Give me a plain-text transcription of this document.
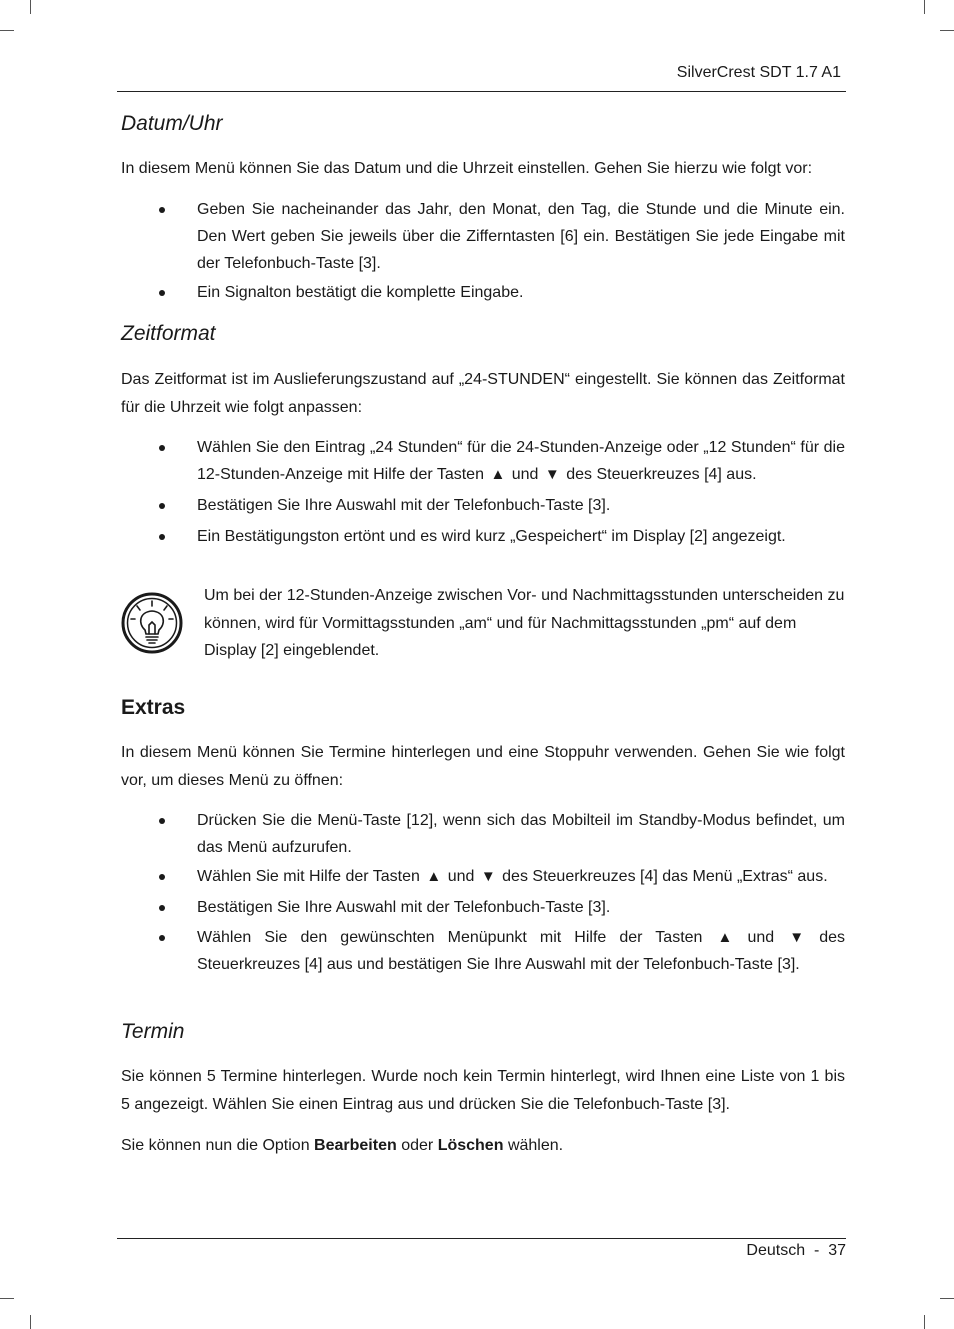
SilverCrest SDT 1.7 A1
Datum/Uhr
In diesem Menü können Sie das Datum und die Uhrzeit einstellen. Gehen Sie hierzu wie folgt vor:
Geben Sie nacheinander das Jahr, den Monat, den Tag, die Stunde und die Minute ein. Den Wert geben Sie jeweils über die Zifferntasten [6] ein. Bestätigen Sie jede Eingabe mit der Telefonbuch-Taste [3].
Ein Signalton bestätigt die komplette Eingabe.
Zeitformat
Das Zeitformat ist im Auslieferungszustand auf „24-STUNDEN“ eingestellt. Sie können das Zeitformat für die Uhrzeit wie folgt anpassen:
Wählen Sie den Eintrag „24 Stunden“ für die 24-Stunden-Anzeige oder „12 Stunden“ für die 12-Stunden-Anzeige mit Hilfe der Tasten ▲ und ▼ des Steuerkreuzes [4] aus.
Bestätigen Sie Ihre Auswahl mit der Telefonbuch-Taste [3].
Ein Bestätigungston ertönt und es wird kurz „Gespeichert“ im Display [2] angezeigt.
Um bei der 12-Stunden-Anzeige zwischen Vor- und Nachmittagsstunden unterscheiden zu können, wird für Vormittagsstunden „am“ und für Nachmittagsstunden „pm“ auf dem Display [2] eingeblendet.
Extras
In diesem Menü können Sie Termine hinterlegen und eine Stoppuhr verwenden. Gehen Sie wie folgt vor, um dieses Menü zu öffnen:
Drücken Sie die Menü-Taste [12], wenn sich das Mobilteil im Standby-Modus befindet, um das Menü aufzurufen.
Wählen Sie mit Hilfe der Tasten ▲ und ▼ des Steuerkreuzes [4] das Menü „Extras“ aus.
Bestätigen Sie Ihre Auswahl mit der Telefonbuch-Taste [3].
Wählen Sie den gewünschten Menüpunkt mit Hilfe der Tasten ▲ und ▼ des Steuerkreuzes [4] aus und bestätigen Sie Ihre Auswahl mit der Telefonbuch-Taste [3].
Termin
Sie können 5 Termine hinterlegen. Wurde noch kein Termin hinterlegt, wird Ihnen eine Liste von 1 bis 5 angezeigt. Wählen Sie einen Eintrag aus und drücken Sie die Telefonbuch-Taste [3].
Sie können nun die Option Bearbeiten oder Löschen wählen.
Deutsch  -  37
